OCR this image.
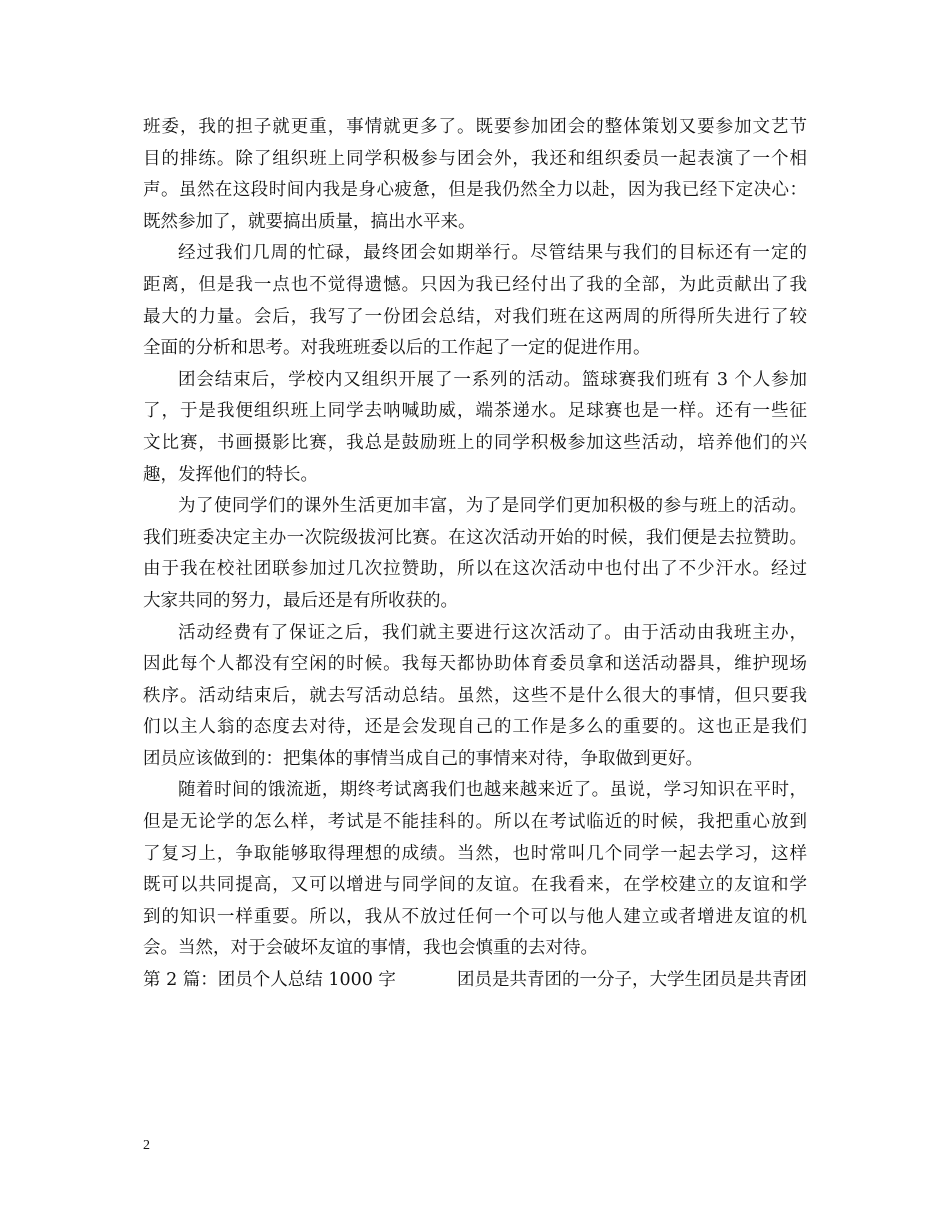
班委，我的担子就更重，事情就更多了。既要参加团会的整体策划又要参加文艺节
目的排练。除了组织班上同学积极参与团会外，我还和组织委员一起表演了一个相
声。虽然在这段时间内我是身心疲惫，但是我仍然全力以赴，因为我已经下定决心：
既然参加了，就要搞出质量，搞出水平来。
经过我们几周的忙碌，最终团会如期举行。尽管结果与我们的目标还有一定的
距离，但是我一点也不觉得遗憾。只因为我已经付出了我的全部，为此贡献出了我
最大的力量。会后，我写了一份团会总结，对我们班在这两周的所得所失进行了较
全面的分析和思考。对我班班委以后的工作起了一定的促进作用。
团会结束后，学校内又组织开展了一系列的活动。篮球赛我们班有 3 个人参加
了，于是我便组织班上同学去呐喊助威，端茶递水。足球赛也是一样。还有一些征
文比赛，书画摄影比赛，我总是鼓励班上的同学积极参加这些活动，培养他们的兴
趣，发挥他们的特长。
为了使同学们的课外生活更加丰富，为了是同学们更加积极的参与班上的活动。
我们班委决定主办一次院级拔河比赛。在这次活动开始的时候，我们便是去拉赞助。
由于我在校社团联参加过几次拉赞助，所以在这次活动中也付出了不少汗水。经过
大家共同的努力，最后还是有所收获的。
活动经费有了保证之后，我们就主要进行这次活动了。由于活动由我班主办，
因此每个人都没有空闲的时候。我每天都协助体育委员拿和送活动器具，维护现场
秩序。活动结束后，就去写活动总结。虽然，这些不是什么很大的事情，但只要我
们以主人翁的态度去对待，还是会发现自己的工作是多么的重要的。这也正是我们
团员应该做到的：把集体的事情当成自己的事情来对待，争取做到更好。
随着时间的饿流逝，期终考试离我们也越来越来近了。虽说，学习知识在平时，
但是无论学的怎么样，考试是不能挂科的。所以在考试临近的时候，我把重心放到
了复习上，争取能够取得理想的成绩。当然，也时常叫几个同学一起去学习，这样
既可以共同提高，又可以增进与同学间的友谊。在我看来，在学校建立的友谊和学
到的知识一样重要。所以，我从不放过任何一个可以与他人建立或者增进友谊的机
会。当然，对于会破坏友谊的事情，我也会慎重的去对待。
第 2 篇：团员个人总结 1000 字	团员是共青团的一分子，大学生团员是共青团
2
